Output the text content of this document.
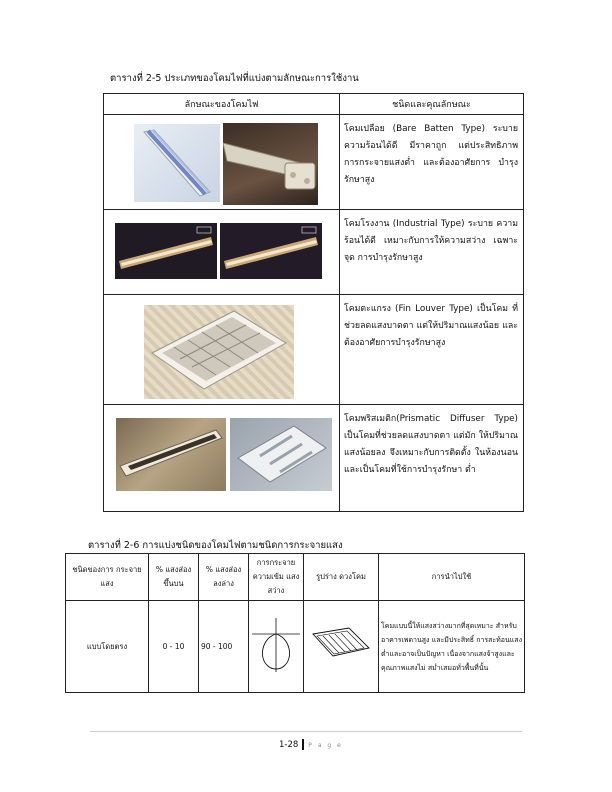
ตารางที่ 2-5 ประเภทของโคมไฟที่แบ่งตามลักษณะการใช้งาน
ลักษณะของโคมไฟ	ชนิดและคุณลักษณะ

	โคมเปลือย (Bare Batten Type) ระบาย ความร้อนได้ดี มีราคาถูก แต่ประสิทธิภาพ การกระจายแสงต่ำ และต้องอาศัยการ บำรุงรักษาสูง

	โคมโรงงาน (Industrial Type) ระบาย ความร้อนได้ดี เหมาะกับการให้ความสว่าง เฉพาะจุด การบำรุงรักษาสูง

	โคมตะแกรง (Fin Louver Type) เป็นโคม ที่ช่วยลดแสงบาดตา แต่ให้ปริมาณแสงน้อย และต้องอาศัยการบำรุงรักษาสูง

	โคมพริสเมติก(Prismatic Diffuser Type) เป็นโคมที่ช่วยลดแสงบาดตา แต่มัก ให้ปริมาณแสงน้อยลง จึงเหมาะกับการติดตั้ง ในห้องนอน และเป็นโคมที่ใช้การบำรุงรักษา ต่ำ
ตารางที่ 2-6 การแบ่งชนิดของโคมไฟตามชนิดการกระจายแสง
ชนิดของการ กระจายแสง	% แสงส่อง ขึ้นบน	% แสงส่อง ลงล่าง	การกระจาย ความเข้ม แสงสว่าง	รูปร่าง ดวงโคม	การนำไปใช้
แบบโดยตรง	0 - 10	90 - 100			โคมแบบนี้ให้แสงสว่างมากที่สุดเหมาะ สำหรับอาคารเพดานสูง และมีประสิทธิ์ การสะท้อนแสงต่ำและอาจเป็นปัญหา เนื่องจากแสงจ้าสูงและคุณภาพแสงไม่ สม่ำเสมอทั่วพื้นที่นั้น
1-28 P a g e
